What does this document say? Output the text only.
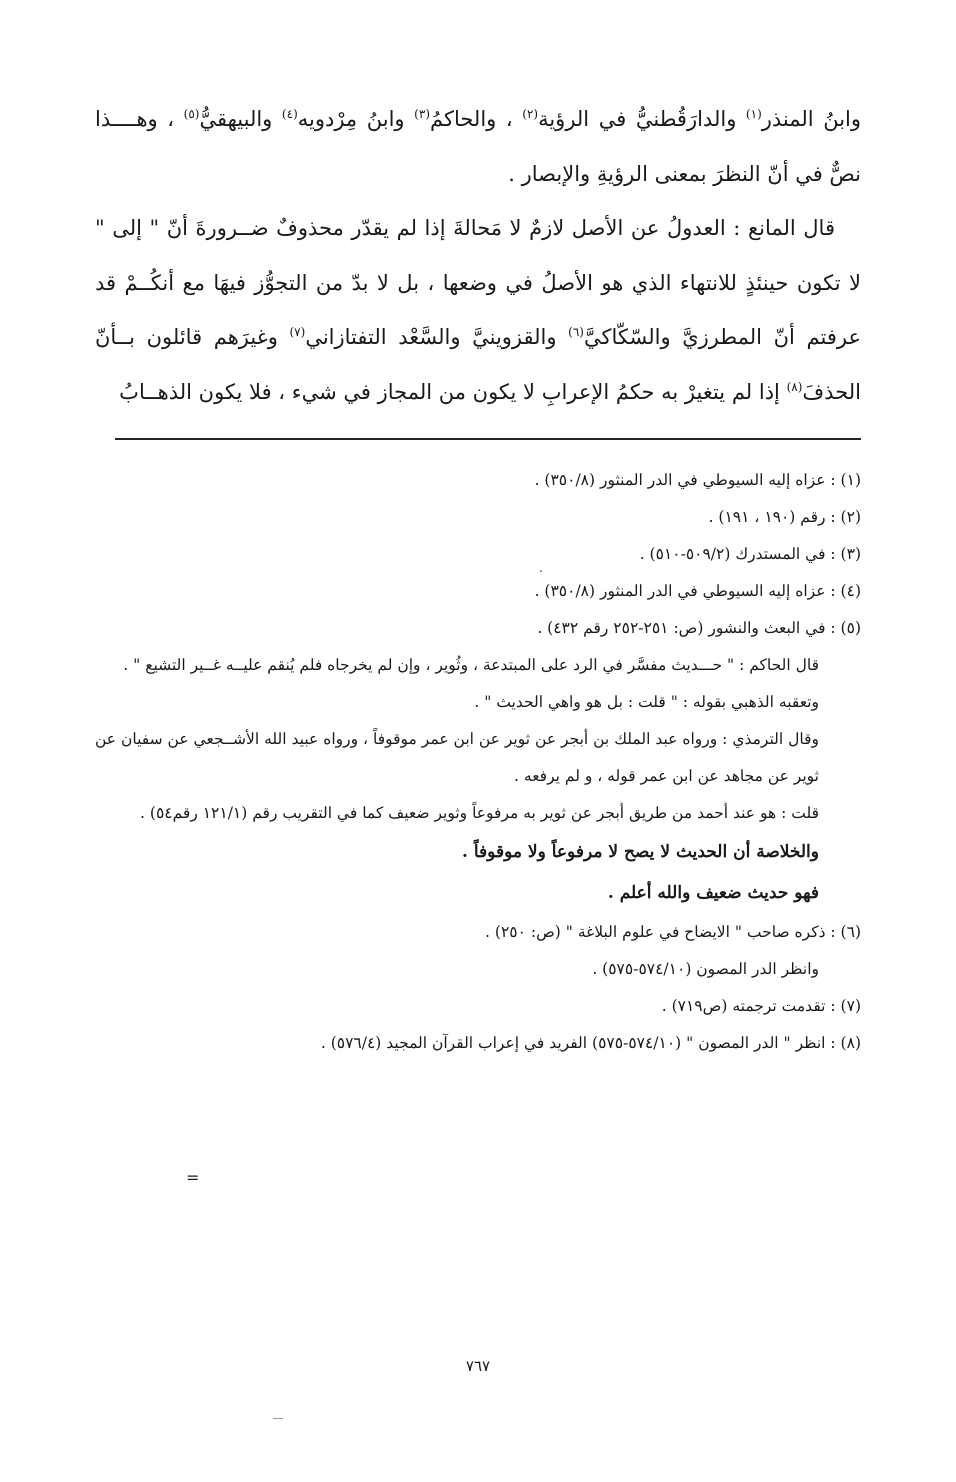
وابنُ المنذر$^{(١)}$ والدارَقُطنيُّ في الرؤية$^{(٢)}$ ، والحاكمُ$^{(٣)}$ وابنُ مِرْدويه$^{(٤)}$ والبيهقيُّ$^{(٥)}$ ، وهــــذا نصٌّ في أنّ النظرَ بمعنى الرؤيةِ والإبصار .

قال المانع : العدولُ عن الأصل لازمٌ لا مَحالةَ إذا لم يقدّر محذوفٌ ضــرورةَ أنّ " إلى " لا تكون حينئذٍ للانتهاء الذي هو الأصلُ في وضعها ، بل لا بدّ من التجوُّز فيهَا مع أنكُــمْ قد عرفتم أنّ المطرزيَّ والسّكّاكيَّ$^{(٦)}$ والقزوينيَّ والسَّعْد التفتازاني$^{(٧)}$ وغيرَهم قائلون بــأنّ الحذفَ$^{(٨)}$ إذا لم يتغيرْ به حكمُ الإعرابِ لا يكون من المجاز في شيء ، فلا يكون الذهــابُ

(١) : عزاه إليه السيوطي في الدر المنثور (٣٥٠/٨) .
(٢) : رقم (١٩٠ ، ١٩١) .
(٣) : في المستدرك (٥٠٩/٢-٥١٠) .
(٤) : عزاه إليه السيوطي في الدر المنثور (٣٥٠/٨) .
(٥) : في البعث والنشور (ص: ٢٥١-٢٥٢ رقم ٤٣٢) .
قال الحاكم : " حـــديث مفسَّر في الرد على المبتدعة ، وثُوير ، وإن لم يخرجاه فلم يُنقم عليــه غــير التشيع " .
وتعقبه الذهبي بقوله : " قلت : بل هو واهي الحديث " .
وقال الترمذي : ورواه عبد الملك بن أبجر عن ثوير عن ابن عمر موقوفاً ، ورواه عبيد الله الأشــجعي عن سفيان عن ثوير عن مجاهد عن ابن عمر قوله ، و لم يرفعه .
قلت : هو عند أحمد من طريق أبجر عن ثوير به مرفوعاً وثوير ضعيف كما في التقريب رقم (١٢١/١ رقم٥٤) .
والخلاصة أن الحديث لا يصح لا مرفوعاً ولا موقوفاً .
فهو حديث ضعيف والله أعلم .
(٦) : ذكره صاحب " الايضاح في علوم البلاغة " (ص: ٢٥٠) .
وانظر الدر المصون (٥٧٤/١٠-٥٧٥) .
(٧) : تقدمت ترجمته (ص٧١٩) .
(٨) : انظر " الدر المصون " (٥٧٤/١٠-٥٧٥) الفريد في إعراب القرآن المجيد (٥٧٦/٤) .
=
٧٦٧
